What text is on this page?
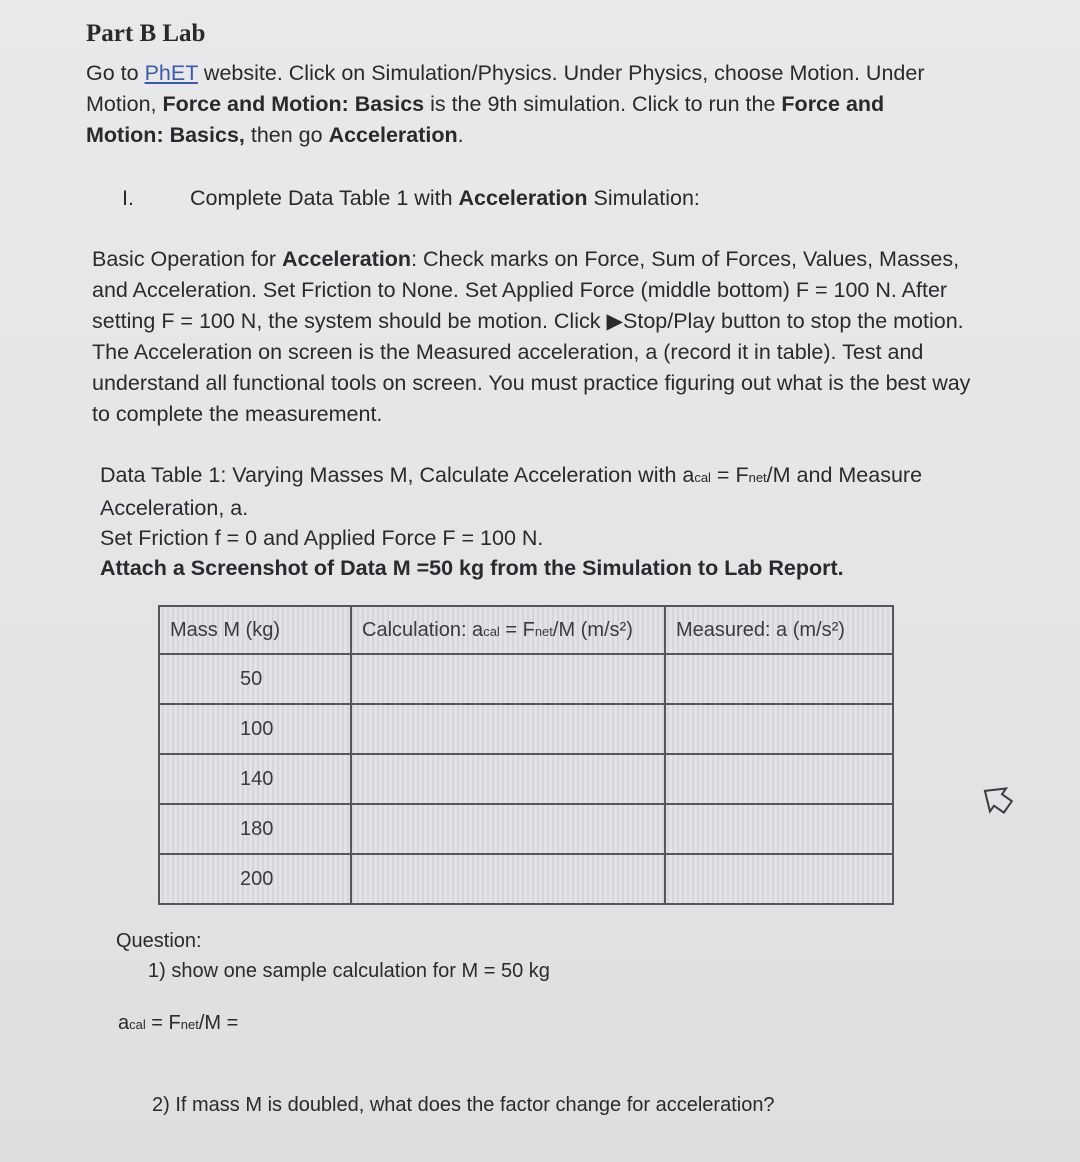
Part B Lab
Go to PhET website. Click on Simulation/Physics. Under Physics, choose Motion. Under Motion, Force and Motion: Basics is the 9th simulation. Click to run the Force and Motion: Basics, then go Acceleration.
I.	Complete Data Table 1 with Acceleration Simulation:
Basic Operation for Acceleration: Check marks on Force, Sum of Forces, Values, Masses, and Acceleration. Set Friction to None. Set Applied Force (middle bottom) F = 100 N. After setting F = 100 N, the system should be motion. Click ▶Stop/Play button to stop the motion. The Acceleration on screen is the Measured acceleration, a (record it in table). Test and understand all functional tools on screen. You must practice figuring out what is the best way to complete the measurement.
Data Table 1: Varying Masses M, Calculate Acceleration with acal = Fnet/M and Measure Acceleration, a.
Set Friction f = 0 and Applied Force F = 100 N.
Attach a Screenshot of Data M =50 kg from the Simulation to Lab Report.
Mass M (kg)	Calculation: acal = Fnet/M (m/s²)	Measured: a (m/s²)
50		
100		
140		
180		
200		
Question:
1) show one sample calculation for M = 50 kg
acal = Fnet/M =
2) If mass M is doubled, what does the factor change for acceleration?
